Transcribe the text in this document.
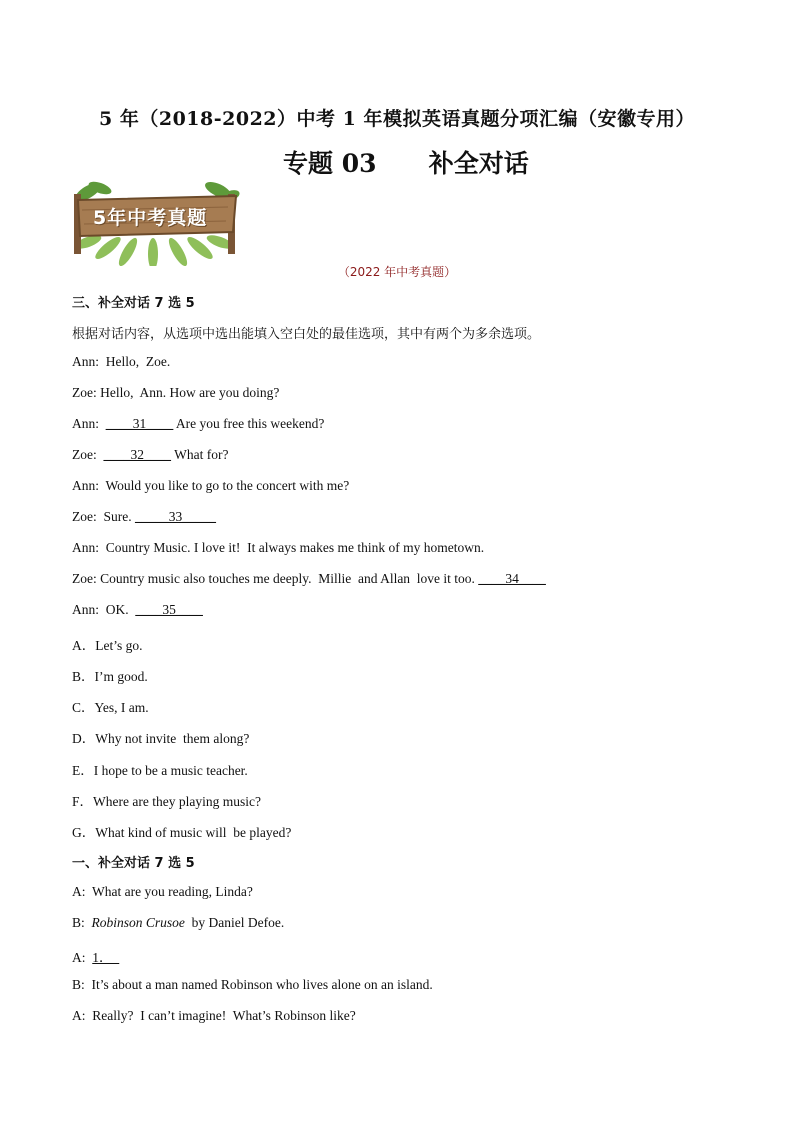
5 年（2018-2022）中考 1 年模拟英语真题分项汇编（安徽专用）
专题 03      补全对话
5年中考真题
（2022 年中考真题）
三、补全对话 7 选 5
根据对话内容，从选项中选出能填入空白处的最佳选项，其中有两个为多余选项。
Ann:  Hello,  Zoe.
Zoe: Hello,  Ann. How are you doing?
Ann:  ____31____ Are you free this weekend?
Zoe:  ____32____ What for?
Ann:  Would you like to go to the concert with me?
Zoe:  Sure. _____33_____
Ann:  Country Music. I love it!  It always makes me think of my hometown.
Zoe: Country music also touches me deeply.  Millie  and Allan  love it too. ____34____
Ann:  OK.  ____35____
A．Let’s go.
B．I’m good.
C．Yes, I am.
D．Why not invite  them along?
E．I hope to be a music teacher.
F．Where are they playing music?
G．What kind of music will  be played?
一、补全对话 7 选 5
A:  What are you reading, Linda?
B:  Robinson Crusoe  by Daniel Defoe.
A:  1．
B:  It’s about a man named Robinson who lives alone on an island.
A:  Really?  I can’t imagine!  What’s Robinson like?
